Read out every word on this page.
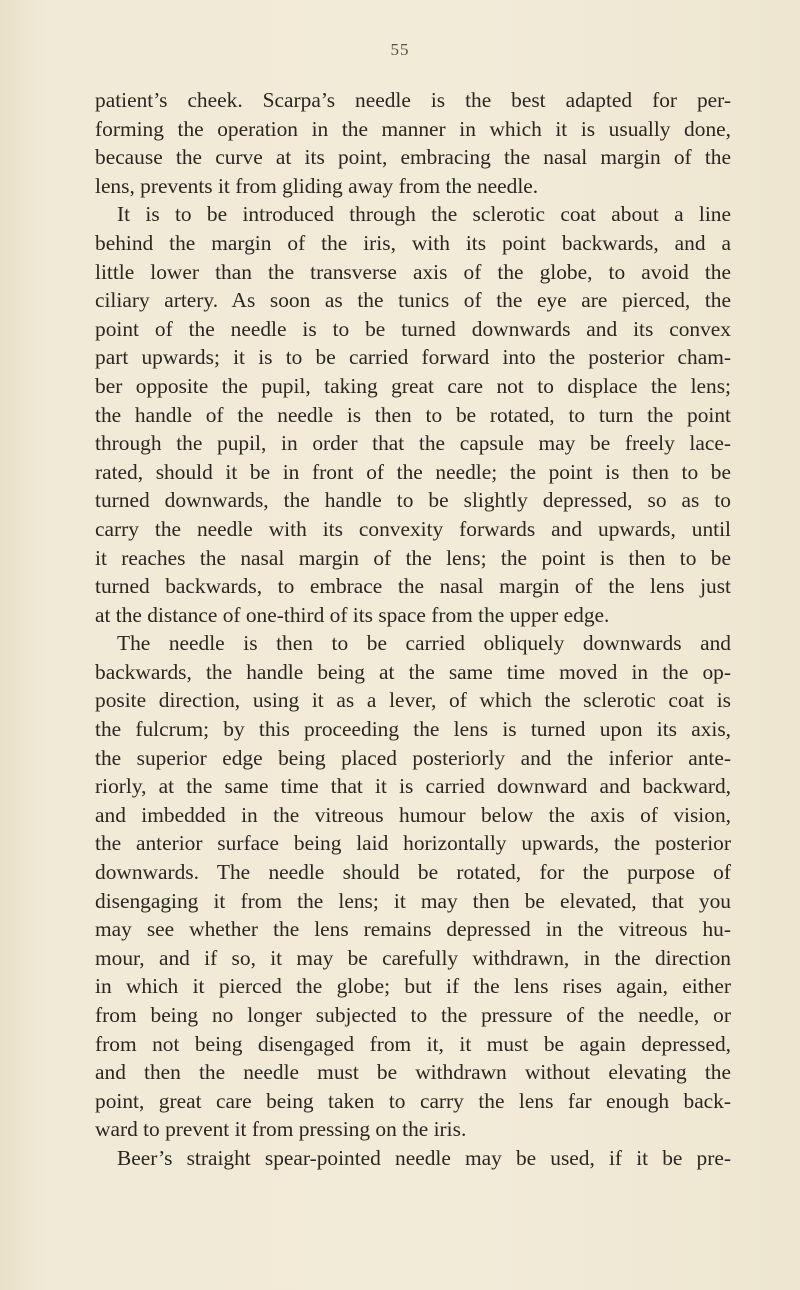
55
patient’s cheek. Scarpa’s needle is the best adapted for per-
forming the operation in the manner in which it is usually done,
because the curve at its point, embracing the nasal margin of the
lens, prevents it from gliding away from the needle.
It is to be introduced through the sclerotic coat about a line
behind the margin of the iris, with its point backwards, and a
little lower than the transverse axis of the globe, to avoid the
ciliary artery. As soon as the tunics of the eye are pierced, the
point of the needle is to be turned downwards and its convex
part upwards; it is to be carried forward into the posterior cham-
ber opposite the pupil, taking great care not to displace the lens;
the handle of the needle is then to be rotated, to turn the point
through the pupil, in order that the capsule may be freely lace-
rated, should it be in front of the needle; the point is then to be
turned downwards, the handle to be slightly depressed, so as to
carry the needle with its convexity forwards and upwards, until
it reaches the nasal margin of the lens; the point is then to be
turned backwards, to embrace the nasal margin of the lens just
at the distance of one-third of its space from the upper edge.
The needle is then to be carried obliquely downwards and
backwards, the handle being at the same time moved in the op-
posite direction, using it as a lever, of which the sclerotic coat is
the fulcrum; by this proceeding the lens is turned upon its axis,
the superior edge being placed posteriorly and the inferior ante-
riorly, at the same time that it is carried downward and backward,
and imbedded in the vitreous humour below the axis of vision,
the anterior surface being laid horizontally upwards, the posterior
downwards. The needle should be rotated, for the purpose of
disengaging it from the lens; it may then be elevated, that you
may see whether the lens remains depressed in the vitreous hu-
mour, and if so, it may be carefully withdrawn, in the direction
in which it pierced the globe; but if the lens rises again, either
from being no longer subjected to the pressure of the needle, or
from not being disengaged from it, it must be again depressed,
and then the needle must be withdrawn without elevating the
point, great care being taken to carry the lens far enough back-
ward to prevent it from pressing on the iris.
Beer’s straight spear-pointed needle may be used, if it be pre-
